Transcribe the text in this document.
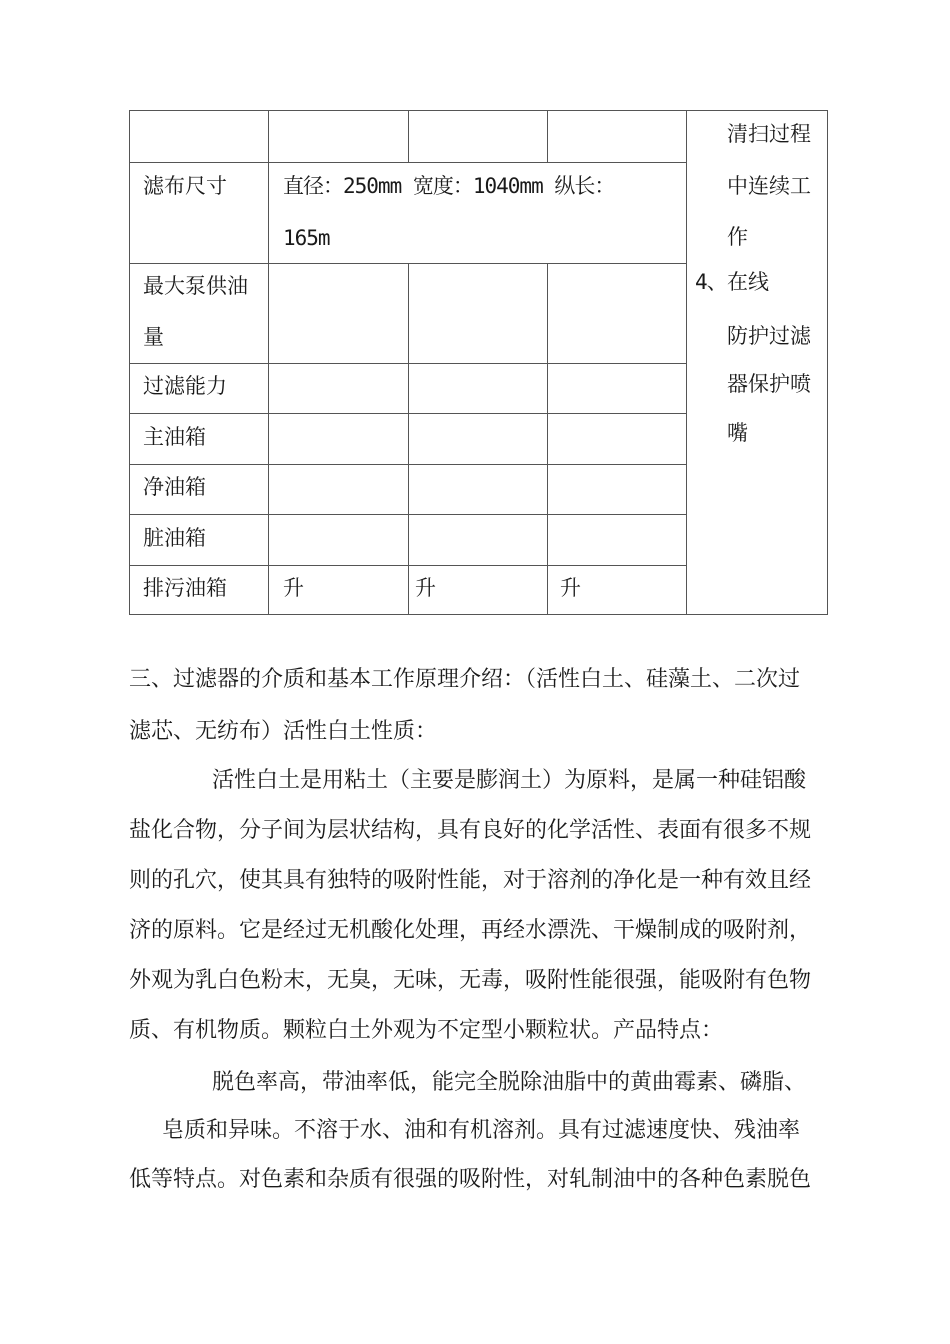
滤布尺寸	直径：250mm 宽度：1040mm 纵长：
165m
最大泵供油
量
过滤能力
主油箱
净油箱
脏油箱
排污油箱	升	升	升
清扫过程
中连续工
作
4、 在线
防护过滤
器保护喷
嘴
三、过滤器的介质和基本工作原理介绍：（活性白土、硅藻土、二次过
滤芯、无纺布）活性白土性质：
活性白土是用粘土（主要是膨润土）为原料，是属一种硅铝酸
盐化合物，分子间为层状结构，具有良好的化学活性、表面有很多不规
则的孔穴，使其具有独特的吸附性能，对于溶剂的净化是一种有效且经
济的原料。它是经过无机酸化处理，再经水漂洗、干燥制成的吸附剂，
外观为乳白色粉末，无臭，无味，无毒，吸附性能很强，能吸附有色物
质、有机物质。颗粒白土外观为不定型小颗粒状。产品特点：
脱色率高，带油率低，能完全脱除油脂中的黄曲霉素、磷脂、
皂质和异味。不溶于水、油和有机溶剂。具有过滤速度快、残油率
低等特点。对色素和杂质有很强的吸附性，对轧制油中的各种色素脱色
